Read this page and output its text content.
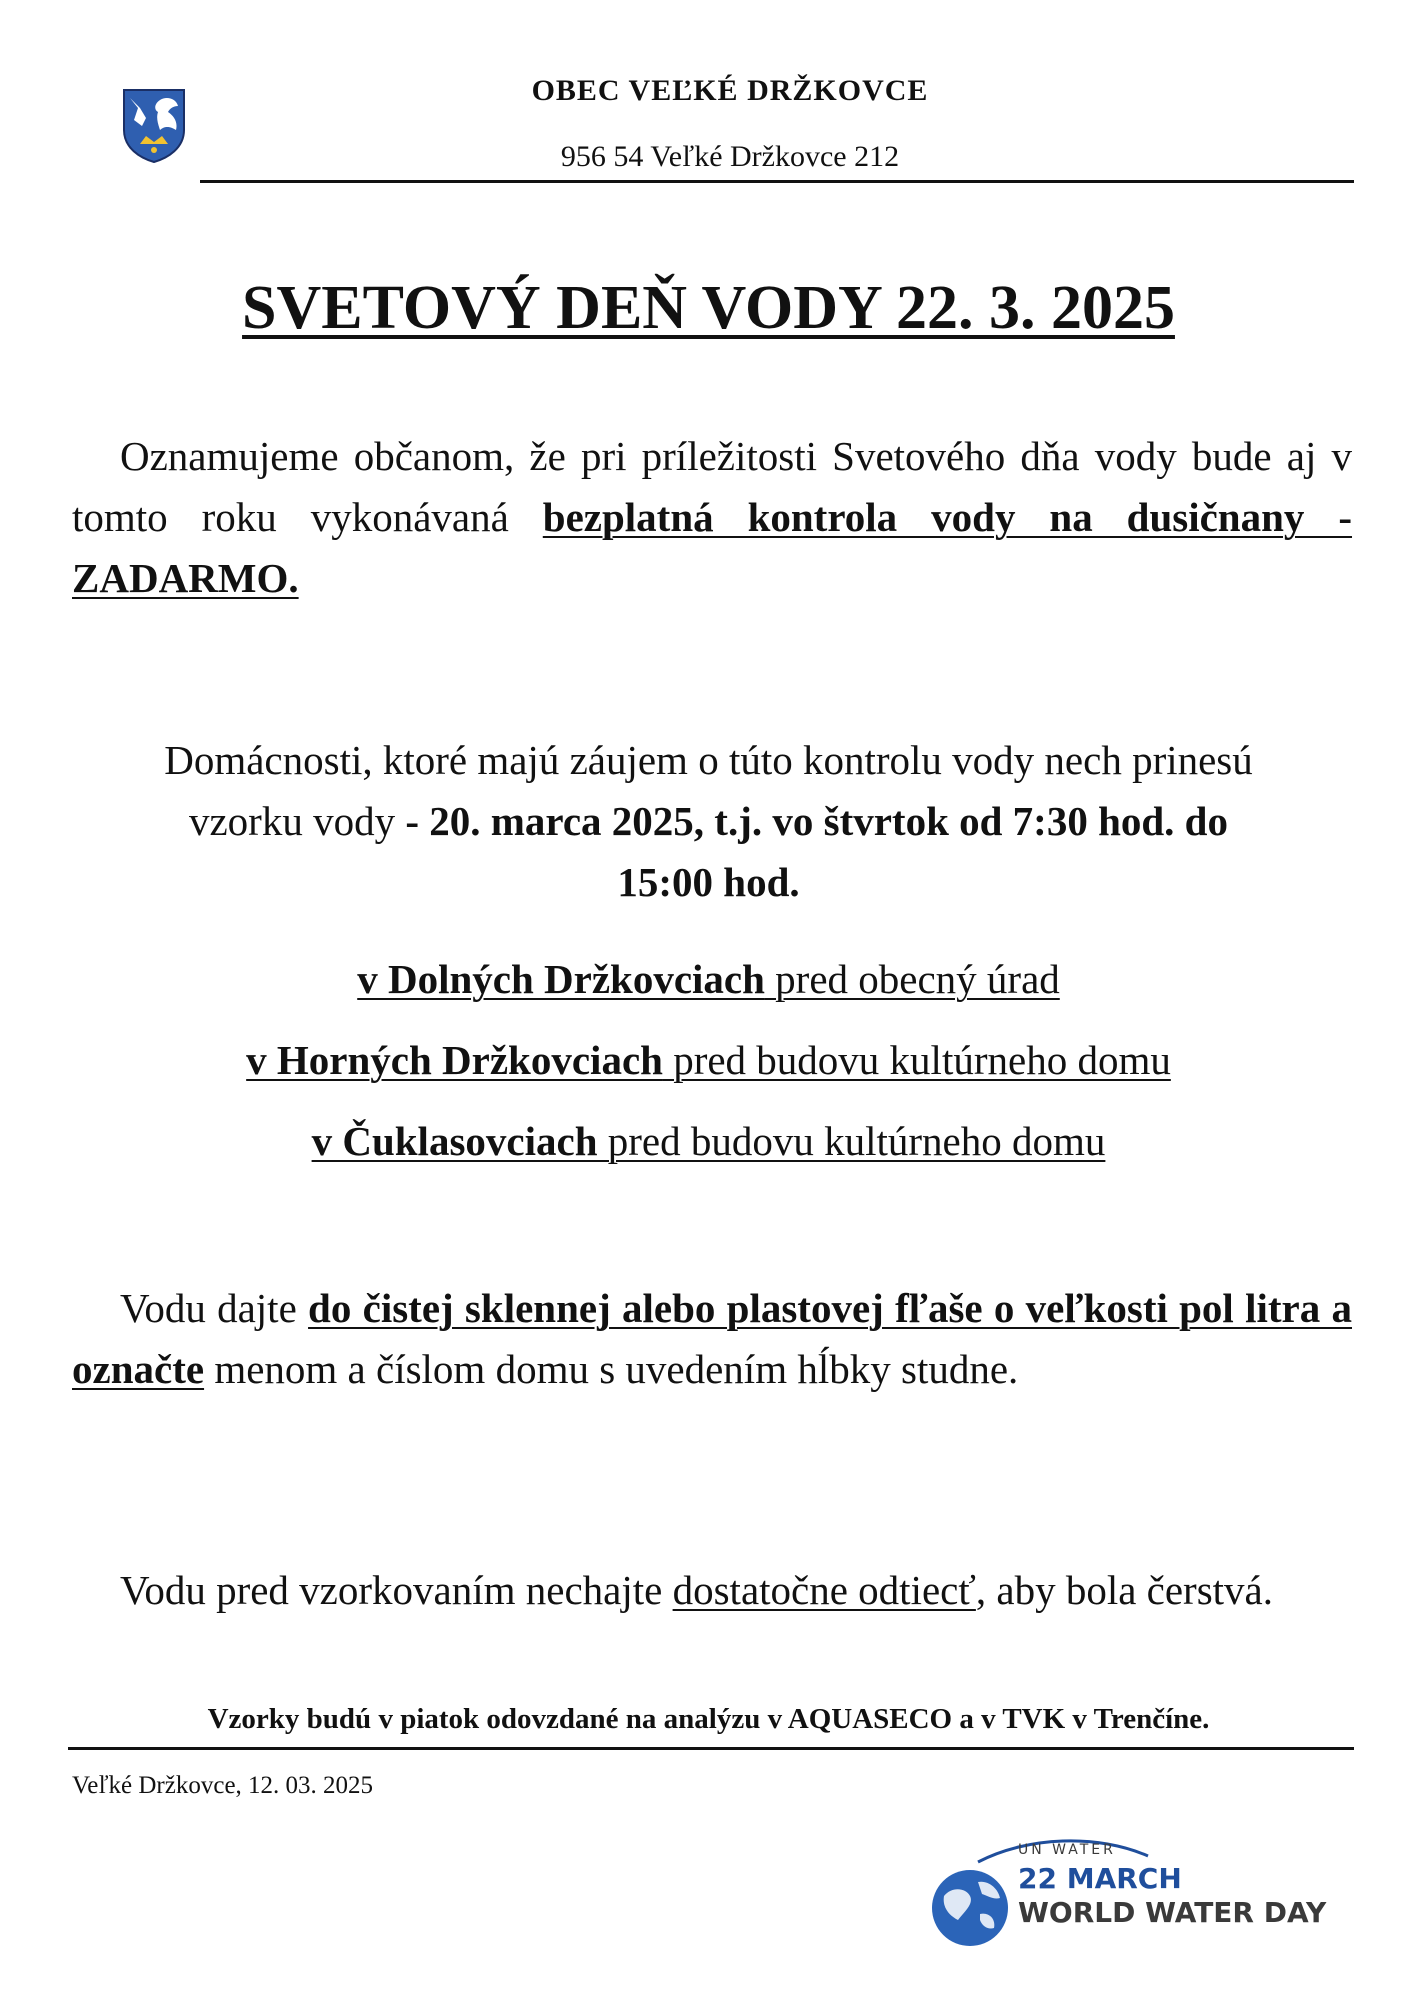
OBEC VEĽKÉ DRŽKOVCE
956 54 Veľké Držkovce 212
SVETOVÝ DEŇ VODY 22. 3. 2025

Oznamujeme občanom, že pri príležitosti Svetového dňa vody bude aj v tomto roku vykonávaná bezplatná kontrola vody na dusičnany - ZADARMO.

Domácnosti, ktoré majú záujem o túto kontrolu vody nech prinesú vzorku vody - 20. marca 2025, t.j. vo štvrtok od 7:30 hod. do 15:00 hod.

v Dolných Držkovciach pred obecný úrad
v Horných Držkovciach pred budovu kultúrneho domu
v Čuklasovciach pred budovu kultúrneho domu

Vodu dajte do čistej sklennej alebo plastovej fľaše o veľkosti pol litra a označte menom a číslom domu s uvedením hĺbky studne.

Vodu pred vzorkovaním nechajte dostatočne odtiecť, aby bola čerstvá.

Vzorky budú v piatok odovzdané na analýzu v AQUASECO a v TVK v Trenčíne.
Veľké Držkovce, 12. 03. 2025
UN WATER
22 MARCH
WORLD WATER DAY
